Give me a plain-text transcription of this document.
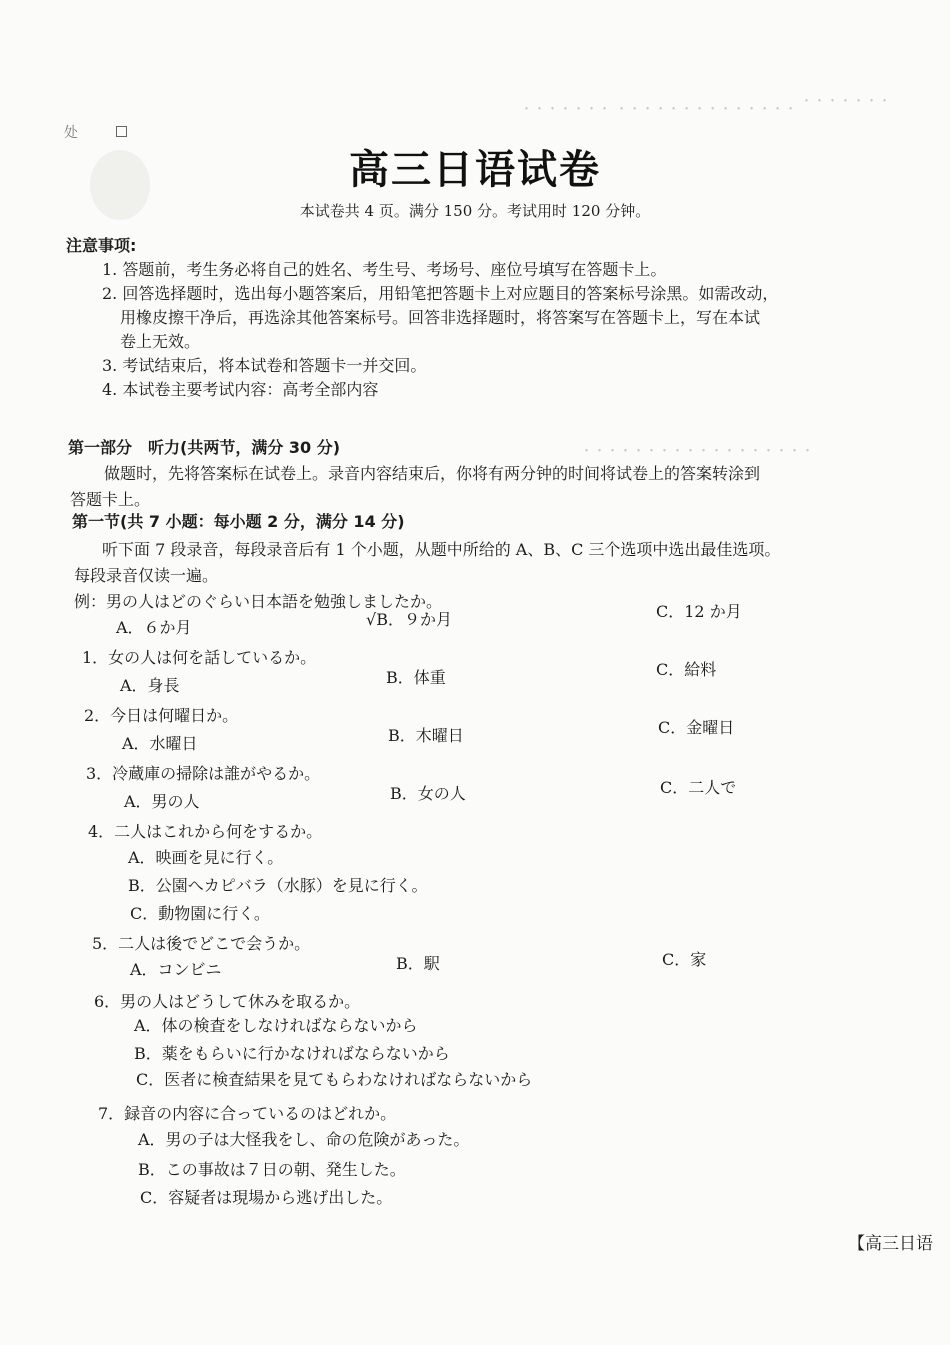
・・・・・・・ ・・・・・・・・・・・・・・
・・・・・・・
・・・・・・・・・・・・・・・・・・
处
高三日语试卷
本试卷共 4 页。满分 150 分。考试用时 120 分钟。
注意事项:
1. 答题前，考生务必将自己的姓名、考生号、考场号、座位号填写在答题卡上。
2. 回答选择题时，选出每小题答案后，用铅笔把答题卡上对应题目的答案标号涂黑。如需改动，
用橡皮擦干净后，再选涂其他答案标号。回答非选择题时，将答案写在答题卡上，写在本试
卷上无效。
3. 考试结束后，将本试卷和答题卡一并交回。
4. 本试卷主要考试内容：高考全部内容
第一部分　听力(共两节，满分 30 分)
做题时，先将答案标在试卷上。录音内容结束后，你将有两分钟的时间将试卷上的答案转涂到
答题卡上。
第一节(共 7 小题：每小题 2 分，满分 14 分)
听下面 7 段录音，每段录音后有 1 个小题，从题中所给的 A、B、C 三个选项中选出最佳选项。
每段录音仅读一遍。
例：男の人はどのぐらい日本語を勉強しましたか。
A．６か月	√B．９か月	C．12 か月
1．女の人は何を話しているか。
A．身長	B．体重	C．給料
2．今日は何曜日か。
A．水曜日	B．木曜日	C．金曜日
3．冷蔵庫の掃除は誰がやるか。
A．男の人	B．女の人	C．二人で
4．二人はこれから何をするか。
A．映画を見に行く。
B．公園へカピバラ（水豚）を見に行く。
C．動物園に行く。
5．二人は後でどこで会うか。
A．コンビニ	B．駅	C．家
6．男の人はどうして休みを取るか。
A．体の検査をしなければならないから
B．薬をもらいに行かなければならないから
C．医者に検査結果を見てもらわなければならないから
7．録音の内容に合っているのはどれか。
A．男の子は大怪我をし、命の危険があった。
B．この事故は７日の朝、発生した。
C．容疑者は現場から逃げ出した。
【高三日语
